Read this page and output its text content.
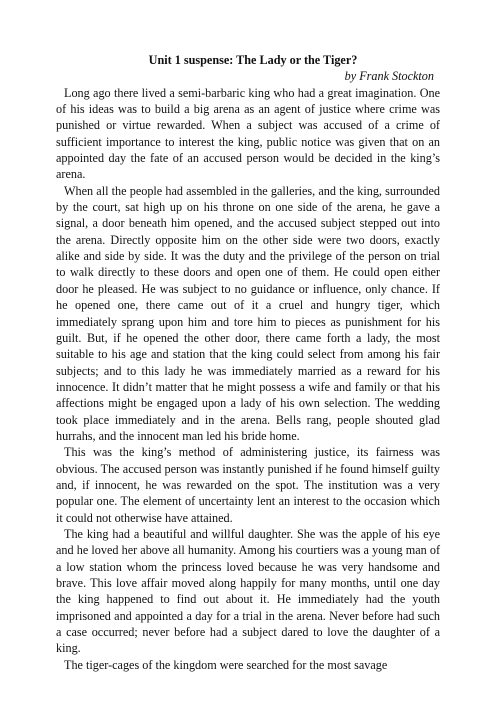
Unit 1 suspense: The Lady or the Tiger?

by Frank Stockton

Long ago there lived a semi-barbaric king who had a great imagination. One of his ideas was to build a big arena as an agent of justice where crime was punished or virtue rewarded. When a subject was accused of a crime of sufficient importance to interest the king, public notice was given that on an appointed day the fate of an accused person would be decided in the king’s arena.

When all the people had assembled in the galleries, and the king, surrounded by the court, sat high up on his throne on one side of the arena, he gave a signal, a door beneath him opened, and the accused subject stepped out into the arena. Directly opposite him on the other side were two doors, exactly alike and side by side. It was the duty and the privilege of the person on trial to walk directly to these doors and open one of them. He could open either door he pleased. He was subject to no guidance or influence, only chance. If he opened one, there came out of it a cruel and hungry tiger, which immediately sprang upon him and tore him to pieces as punishment for his guilt. But, if he opened the other door, there came forth a lady, the most suitable to his age and station that the king could select from among his fair subjects; and to this lady he was immediately married as a reward for his innocence. It didn’t matter that he might possess a wife and family or that his affections might be engaged upon a lady of his own selection. The wedding took place immediately and in the arena. Bells rang, people shouted glad hurrahs, and the innocent man led his bride home.

This was the king’s method of administering justice, its fairness was obvious. The accused person was instantly punished if he found himself guilty and, if innocent, he was rewarded on the spot. The institution was a very popular one. The element of uncertainty lent an interest to the occasion which it could not otherwise have attained.

The king had a beautiful and willful daughter. She was the apple of his eye and he loved her above all humanity. Among his courtiers was a young man of a low station whom the princess loved because he was very handsome and brave. This love affair moved along happily for many months, until one day the king happened to find out about it. He immediately had the youth imprisoned and appointed a day for a trial in the arena. Never before had such a case occurred; never before had a subject dared to love the daughter of a king.

The tiger-cages of the kingdom were searched for the most savage
